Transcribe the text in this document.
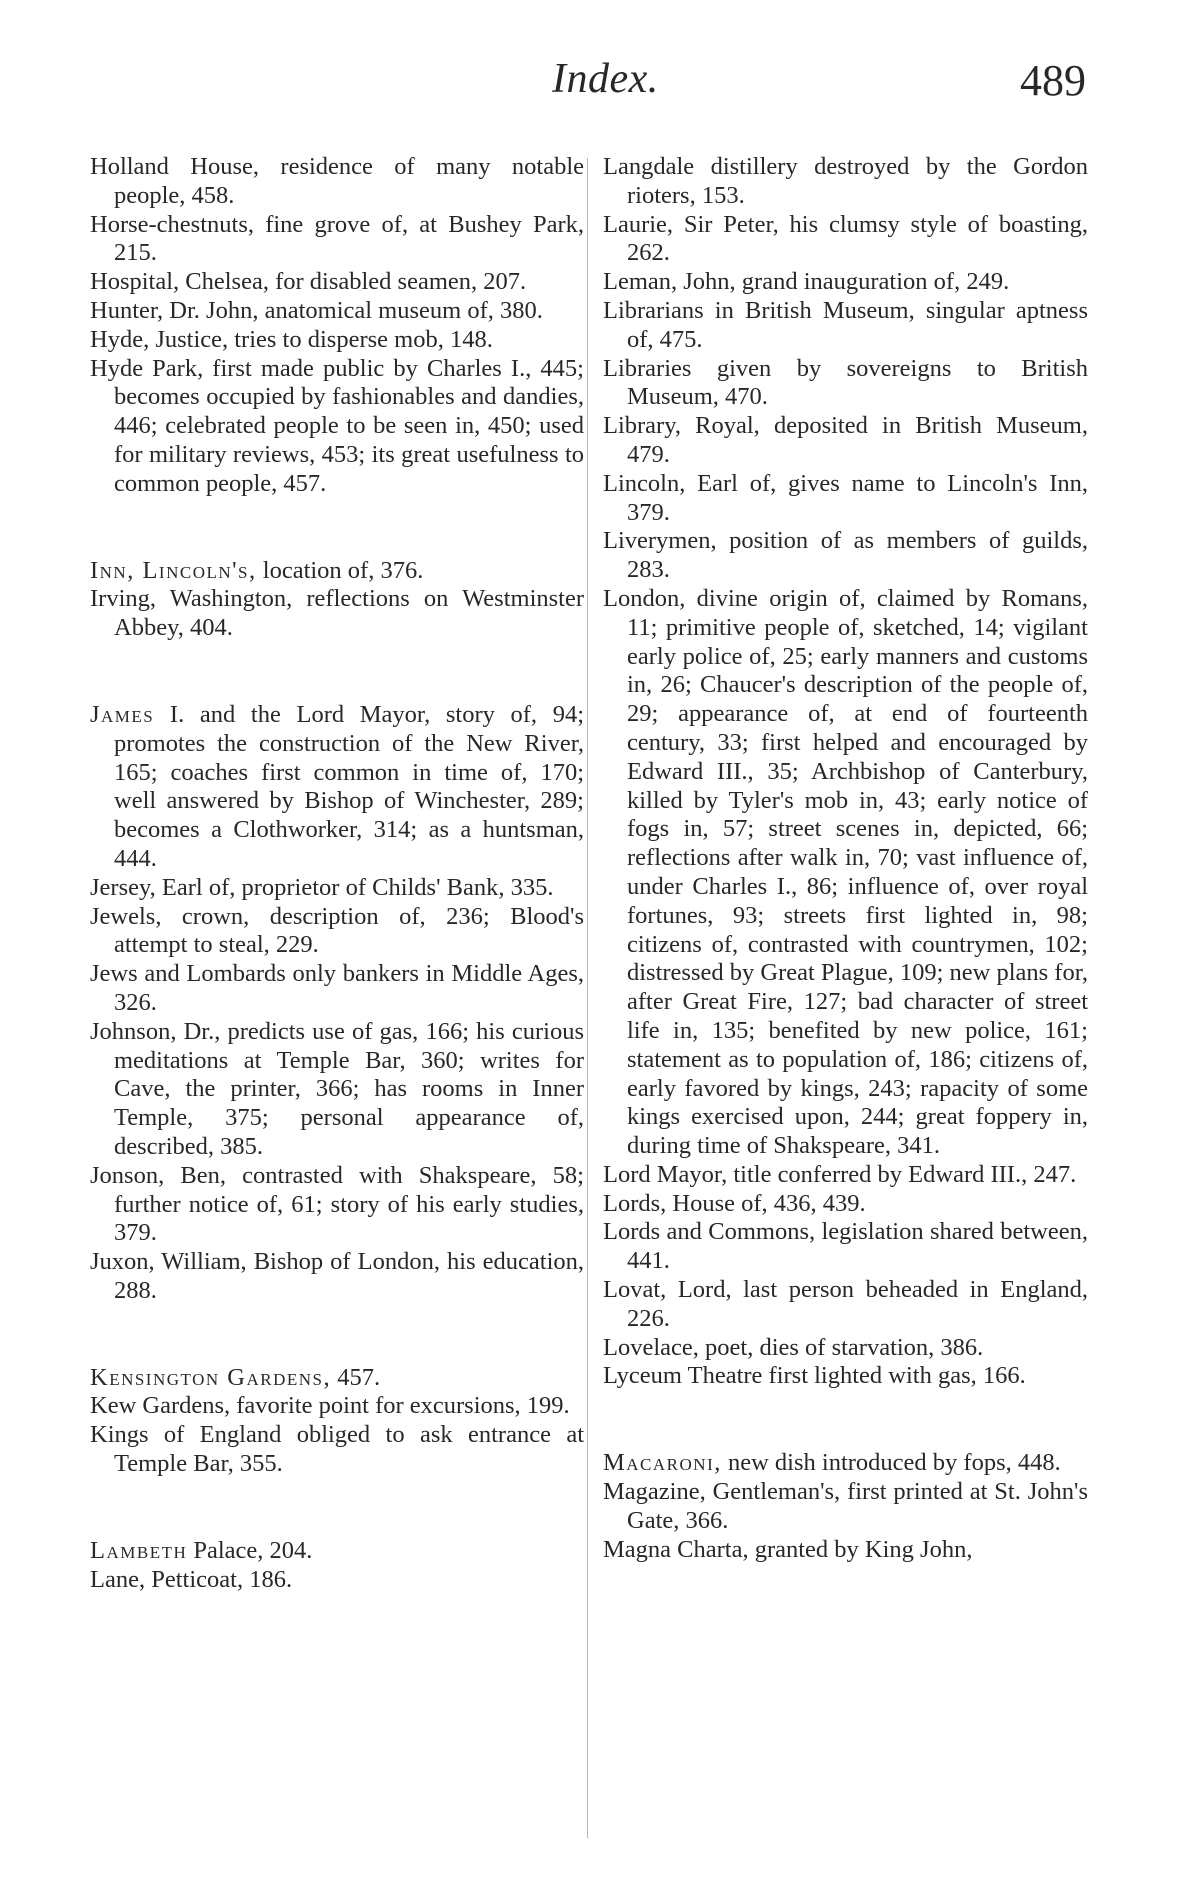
Index.	489

Holland House, residence of many notable people, 458.

Horse-chestnuts, fine grove of, at Bushey Park, 215.

Hospital, Chelsea, for disabled seamen, 207.

Hunter, Dr. John, anatomical museum of, 380.

Hyde, Justice, tries to disperse mob, 148.

Hyde Park, first made public by Charles I., 445; becomes occupied by fashionables and dandies, 446; celebrated people to be seen in, 450; used for military reviews, 453; its great usefulness to common people, 457.

Inn, Lincoln's, location of, 376.

Irving, Washington, reflections on Westminster Abbey, 404.

James I. and the Lord Mayor, story of, 94; promotes the construction of the New River, 165; coaches first common in time of, 170; well answered by Bishop of Winchester, 289; becomes a Clothworker, 314; as a huntsman, 444.

Jersey, Earl of, proprietor of Childs' Bank, 335.

Jewels, crown, description of, 236; Blood's attempt to steal, 229.

Jews and Lombards only bankers in Middle Ages, 326.

Johnson, Dr., predicts use of gas, 166; his curious meditations at Temple Bar, 360; writes for Cave, the printer, 366; has rooms in Inner Temple, 375; personal appearance of, described, 385.

Jonson, Ben, contrasted with Shakspeare, 58; further notice of, 61; story of his early studies, 379.

Juxon, William, Bishop of London, his education, 288.

Kensington Gardens, 457.

Kew Gardens, favorite point for excursions, 199.

Kings of England obliged to ask entrance at Temple Bar, 355.

Lambeth Palace, 204.

Lane, Petticoat, 186.

Langdale distillery destroyed by the Gordon rioters, 153.

Laurie, Sir Peter, his clumsy style of boasting, 262.

Leman, John, grand inauguration of, 249.

Librarians in British Museum, singular aptness of, 475.

Libraries given by sovereigns to British Museum, 470.

Library, Royal, deposited in British Museum, 479.

Lincoln, Earl of, gives name to Lincoln's Inn, 379.

Liverymen, position of as members of guilds, 283.

London, divine origin of, claimed by Romans, 11; primitive people of, sketched, 14; vigilant early police of, 25; early manners and customs in, 26; Chaucer's description of the people of, 29; appearance of, at end of fourteenth century, 33; first helped and encouraged by Edward III., 35; Archbishop of Canterbury, killed by Tyler's mob in, 43; early notice of fogs in, 57; street scenes in, depicted, 66; reflections after walk in, 70; vast influence of, under Charles I., 86; influence of, over royal fortunes, 93; streets first lighted in, 98; citizens of, contrasted with countrymen, 102; distressed by Great Plague, 109; new plans for, after Great Fire, 127; bad character of street life in, 135; benefited by new police, 161; statement as to population of, 186; citizens of, early favored by kings, 243; rapacity of some kings exercised upon, 244; great foppery in, during time of Shakspeare, 341.

Lord Mayor, title conferred by Edward III., 247.

Lords, House of, 436, 439.

Lords and Commons, legislation shared between, 441.

Lovat, Lord, last person beheaded in England, 226.

Lovelace, poet, dies of starvation, 386.

Lyceum Theatre first lighted with gas, 166.

Macaroni, new dish introduced by fops, 448.

Magazine, Gentleman's, first printed at St. John's Gate, 366.

Magna Charta, granted by King John,
